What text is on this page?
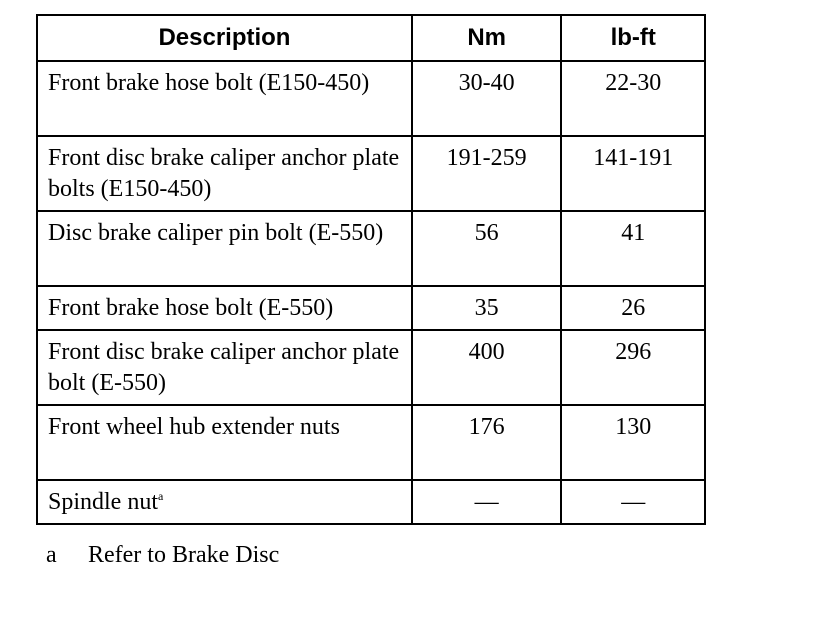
Description	Nm	lb-ft
Front brake hose bolt (E150-450)	30-40	22-30
Front disc brake caliper anchor plate bolts (E150-450)	191-259	141-191
Disc brake caliper pin bolt (E-550)	56	41
Front brake hose bolt (E-550)	35	26
Front disc brake caliper anchor plate bolt (E-550)	400	296
Front wheel hub extender nuts	176	130
Spindle nut$^a$	—	—
a Refer to Brake Disc
